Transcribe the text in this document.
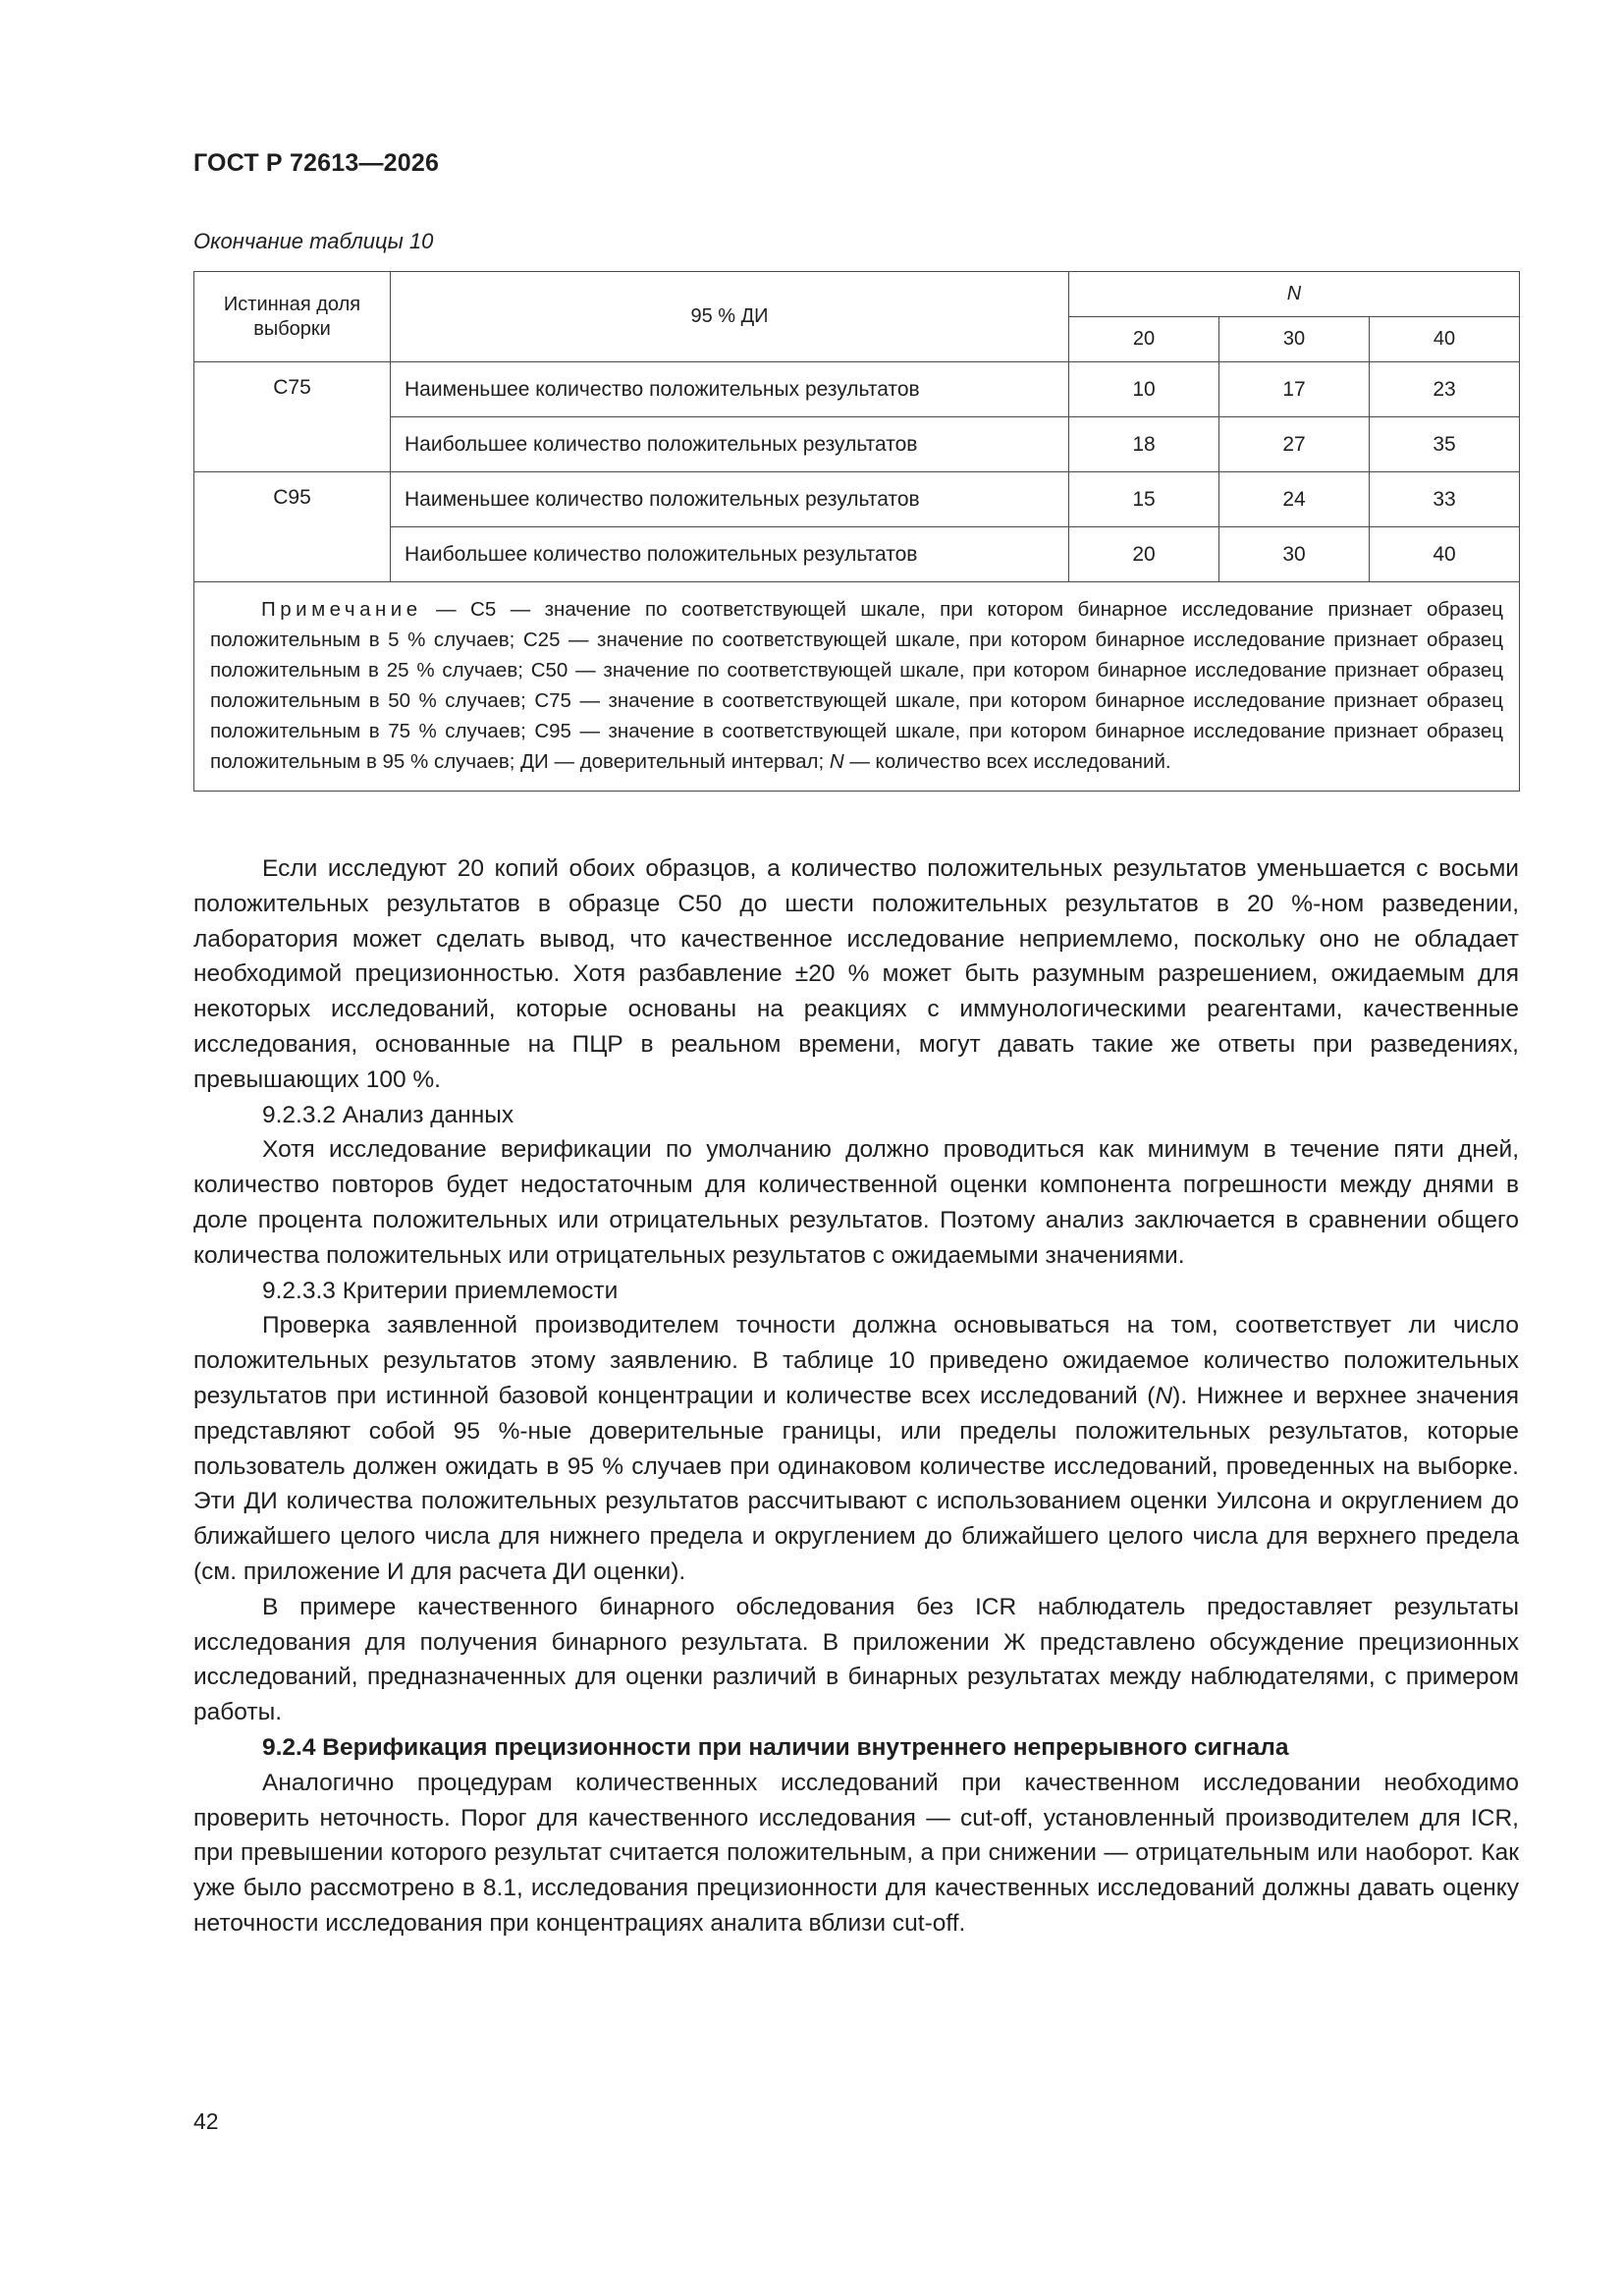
ГОСТ Р 72613—2026
Окончание таблицы 10
Истинная доля выборки	95 % ДИ	N		
		20	30	40
C75	Наименьшее количество положительных результатов	10	17	23
	Наибольшее количество положительных результатов	18	27	35
C95	Наименьшее количество положительных результатов	15	24	33
	Наибольшее количество положительных результатов	20	30	40
Примечание — C5 — значение по соответствующей шкале, при котором бинарное исследование признает образец положительным в 5 % случаев; C25 — значение по соответствующей шкале, при котором бинарное исследование признает образец положительным в 25 % случаев; C50 — значение по соответствующей шкале, при котором бинарное исследование признает образец положительным в 50 % случаев; C75 — значение в соответствующей шкале, при котором бинарное исследование признает образец положительным в 75 % случаев; C95 — значение в соответствующей шкале, при котором бинарное исследование признает образец положительным в 95 % случаев; ДИ — доверительный интервал; N — количество всех исследований.				

Если исследуют 20 копий обоих образцов, а количество положительных результатов уменьшается с восьми положительных результатов в образце C50 до шести положительных результатов в 20 %-ном разведении, лаборатория может сделать вывод, что качественное исследование неприемлемо, поскольку оно не обладает необходимой прецизионностью. Хотя разбавление ±20 % может быть разумным разрешением, ожидаемым для некоторых исследований, которые основаны на реакциях с иммунологическими реагентами, качественные исследования, основанные на ПЦР в реальном времени, могут давать такие же ответы при разведениях, превышающих 100 %.

9.2.3.2 Анализ данных

Хотя исследование верификации по умолчанию должно проводиться как минимум в течение пяти дней, количество повторов будет недостаточным для количественной оценки компонента погрешности между днями в доле процента положительных или отрицательных результатов. Поэтому анализ заключается в сравнении общего количества положительных или отрицательных результатов с ожидаемыми значениями.

9.2.3.3 Критерии приемлемости

Проверка заявленной производителем точности должна основываться на том, соответствует ли число положительных результатов этому заявлению. В таблице 10 приведено ожидаемое количество положительных результатов при истинной базовой концентрации и количестве всех исследований (N). Нижнее и верхнее значения представляют собой 95 %-ные доверительные границы, или пределы положительных результатов, которые пользователь должен ожидать в 95 % случаев при одинаковом количестве исследований, проведенных на выборке. Эти ДИ количества положительных результатов рассчитывают с использованием оценки Уилсона и округлением до ближайшего целого числа для нижнего предела и округлением до ближайшего целого числа для верхнего предела (см. приложение И для расчета ДИ оценки).

В примере качественного бинарного обследования без ICR наблюдатель предоставляет результаты исследования для получения бинарного результата. В приложении Ж представлено обсуждение прецизионных исследований, предназначенных для оценки различий в бинарных результатах между наблюдателями, с примером работы.

9.2.4 Верификация прецизионности при наличии внутреннего непрерывного сигнала

Аналогично процедурам количественных исследований при качественном исследовании необходимо проверить неточность. Порог для качественного исследования — cut-off, установленный производителем для ICR, при превышении которого результат считается положительным, а при снижении — отрицательным или наоборот. Как уже было рассмотрено в 8.1, исследования прецизионности для качественных исследований должны давать оценку неточности исследования при концентрациях аналита вблизи cut-off.

42
